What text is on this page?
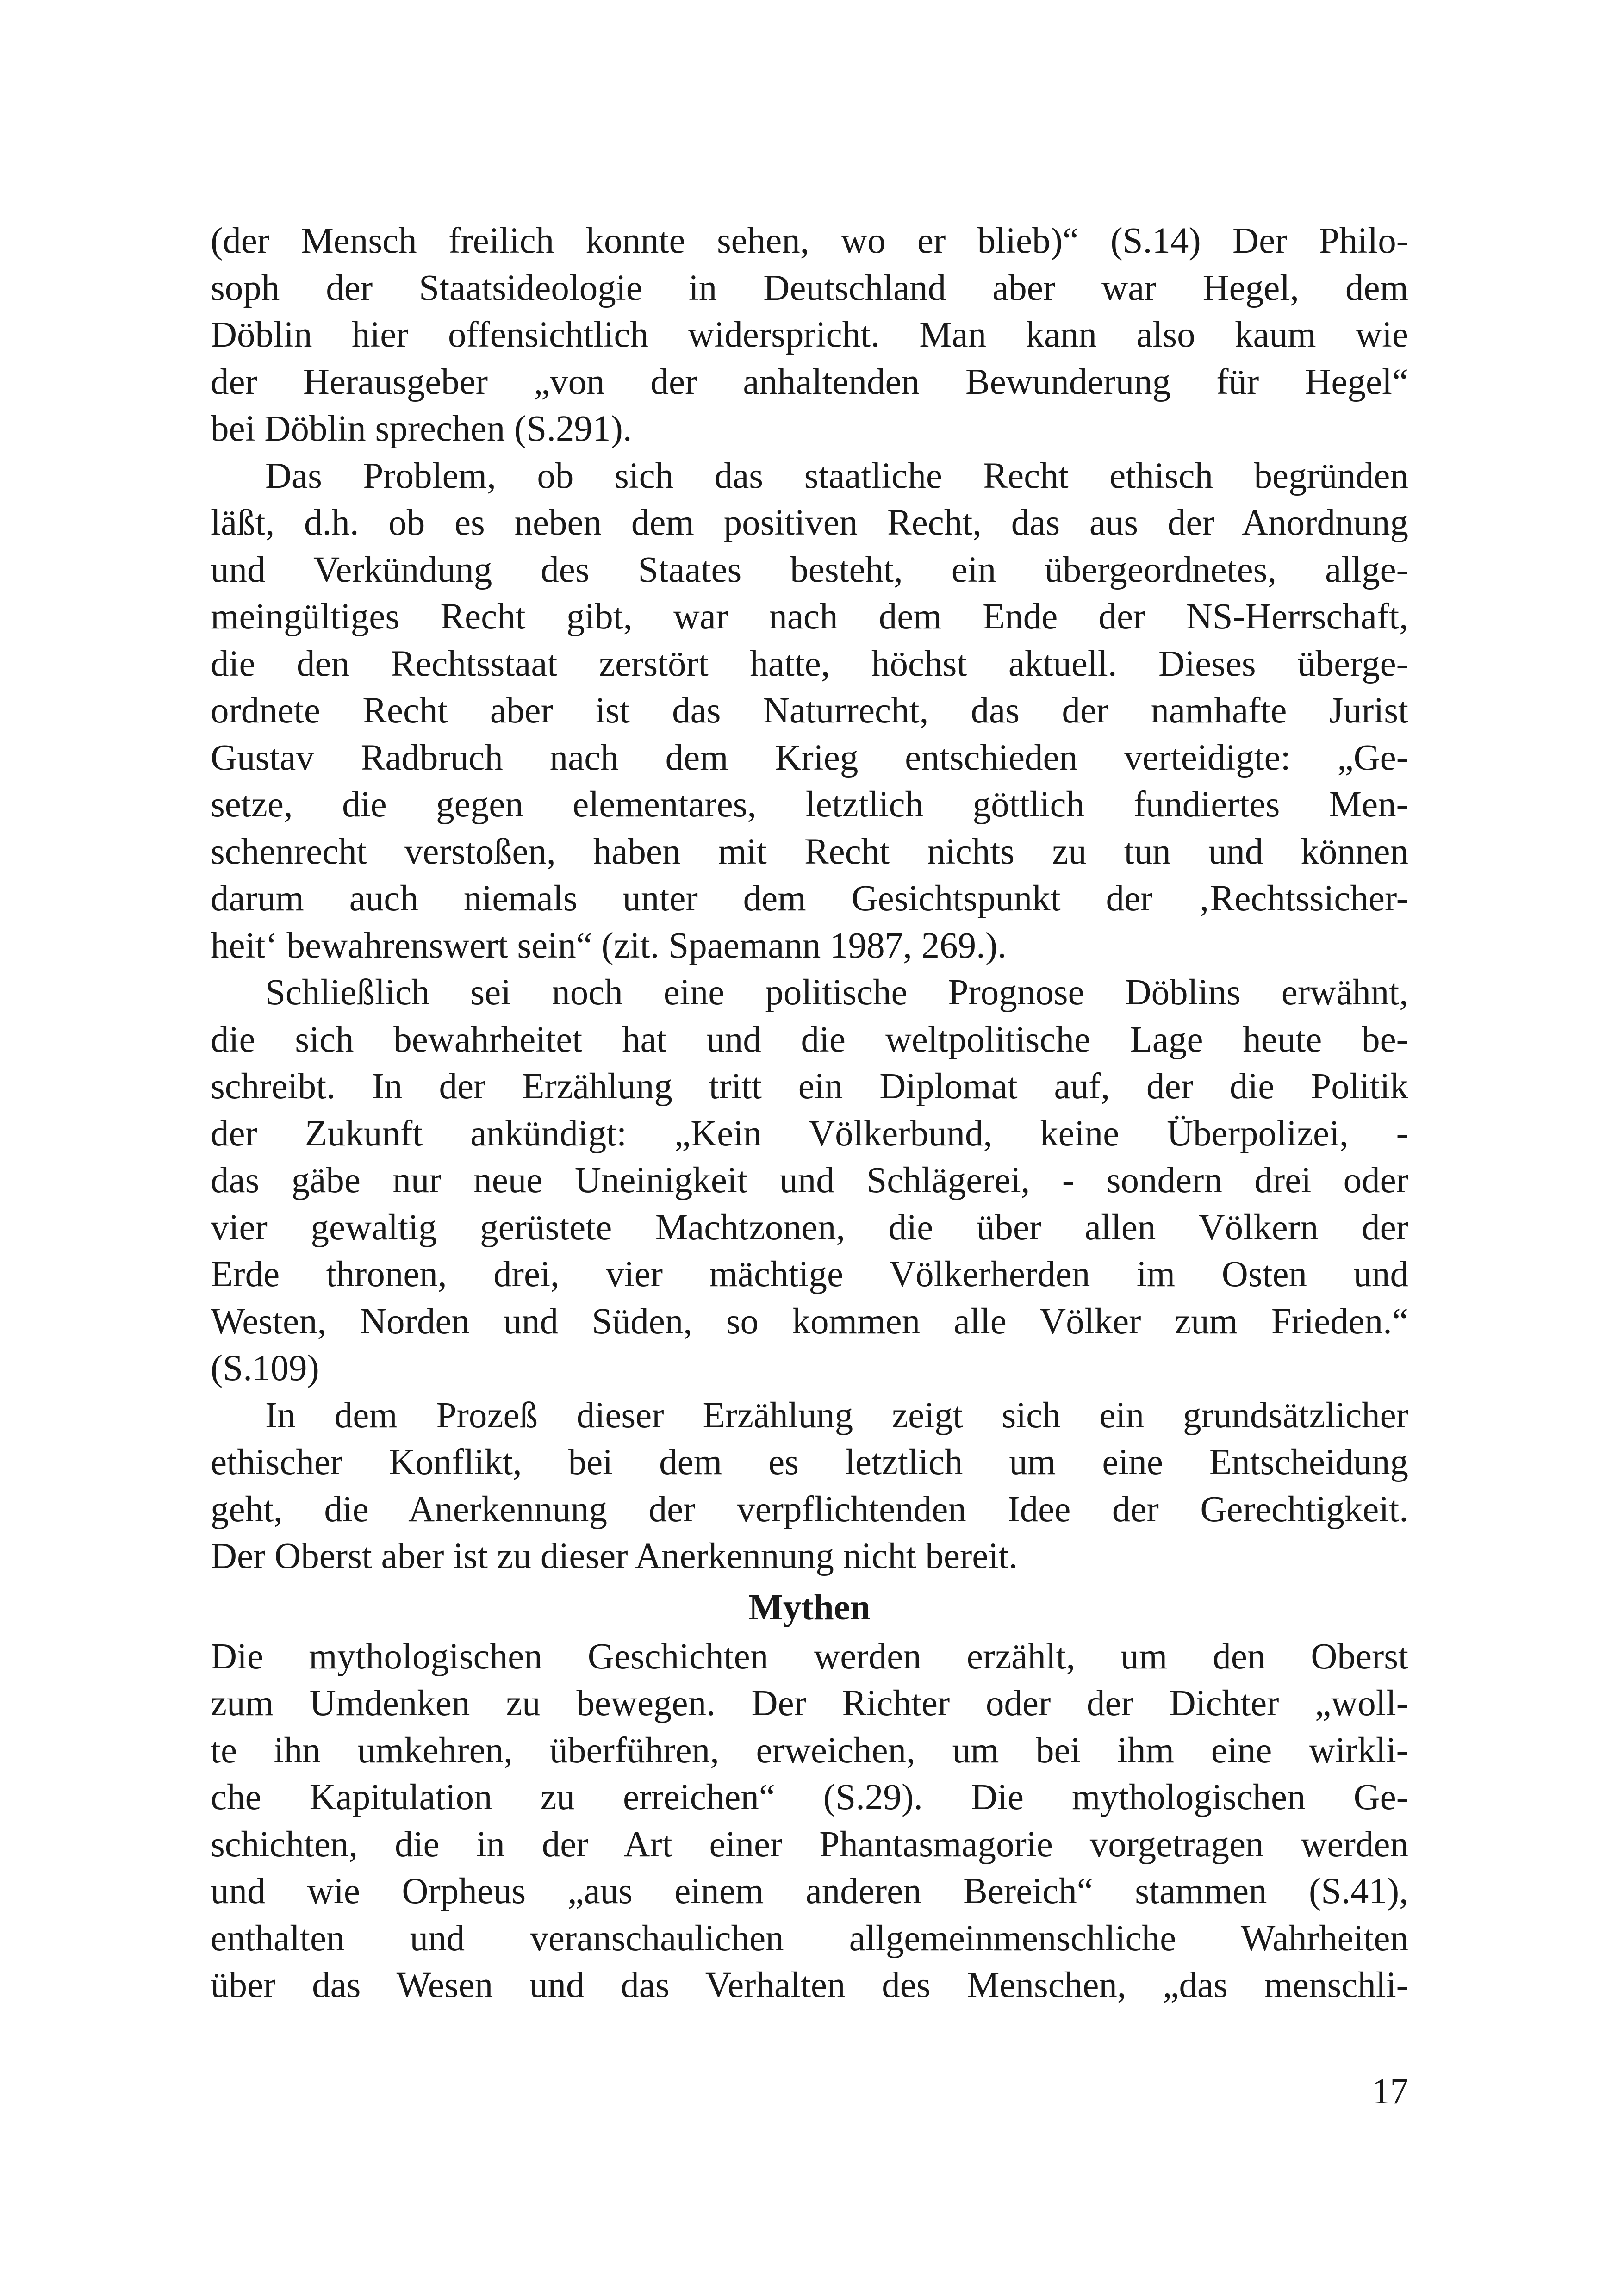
(der Mensch freilich konnte sehen, wo er blieb)“ (S.14) Der Philo-
soph der Staatsideologie in Deutschland aber war Hegel, dem
Döblin hier offensichtlich widerspricht. Man kann also kaum wie
der Herausgeber „von der anhaltenden Bewunderung für Hegel“
bei Döblin sprechen (S.291).
Das Problem, ob sich das staatliche Recht ethisch begründen
läßt, d.h. ob es neben dem positiven Recht, das aus der Anordnung
und Verkündung des Staates besteht, ein übergeordnetes, allge-
meingültiges Recht gibt, war nach dem Ende der NS-Herrschaft,
die den Rechtsstaat zerstört hatte, höchst aktuell. Dieses überge-
ordnete Recht aber ist das Naturrecht, das der namhafte Jurist
Gustav Radbruch nach dem Krieg entschieden verteidigte: „Ge-
setze, die gegen elementares, letztlich göttlich fundiertes Men-
schenrecht verstoßen, haben mit Recht nichts zu tun und können
darum auch niemals unter dem Gesichtspunkt der ‚Rechtssicher-
heit‘ bewahrenswert sein“ (zit. Spaemann 1987, 269.).
Schließlich sei noch eine politische Prognose Döblins erwähnt,
die sich bewahrheitet hat und die weltpolitische Lage heute be-
schreibt. In der Erzählung tritt ein Diplomat auf, der die Politik
der Zukunft ankündigt: „Kein Völkerbund, keine Überpolizei, -
das gäbe nur neue Uneinigkeit und Schlägerei, - sondern drei oder
vier gewaltig gerüstete Machtzonen, die über allen Völkern der
Erde thronen, drei, vier mächtige Völkerherden im Osten und
Westen, Norden und Süden, so kommen alle Völker zum Frieden.“
(S.109)
In dem Prozeß dieser Erzählung zeigt sich ein grundsätzlicher
ethischer Konflikt, bei dem es letztlich um eine Entscheidung
geht, die Anerkennung der verpflichtenden Idee der Gerechtigkeit.
Der Oberst aber ist zu dieser Anerkennung nicht bereit.
Mythen
Die mythologischen Geschichten werden erzählt, um den Oberst
zum Umdenken zu bewegen. Der Richter oder der Dichter „woll-
te ihn umkehren, überführen, erweichen, um bei ihm eine wirkli-
che Kapitulation zu erreichen“ (S.29). Die mythologischen Ge-
schichten, die in der Art einer Phantasmagorie vorgetragen werden
und wie Orpheus „aus einem anderen Bereich“ stammen (S.41),
enthalten und veranschaulichen allgemeinmenschliche Wahrheiten
über das Wesen und das Verhalten des Menschen, „das menschli-
17
